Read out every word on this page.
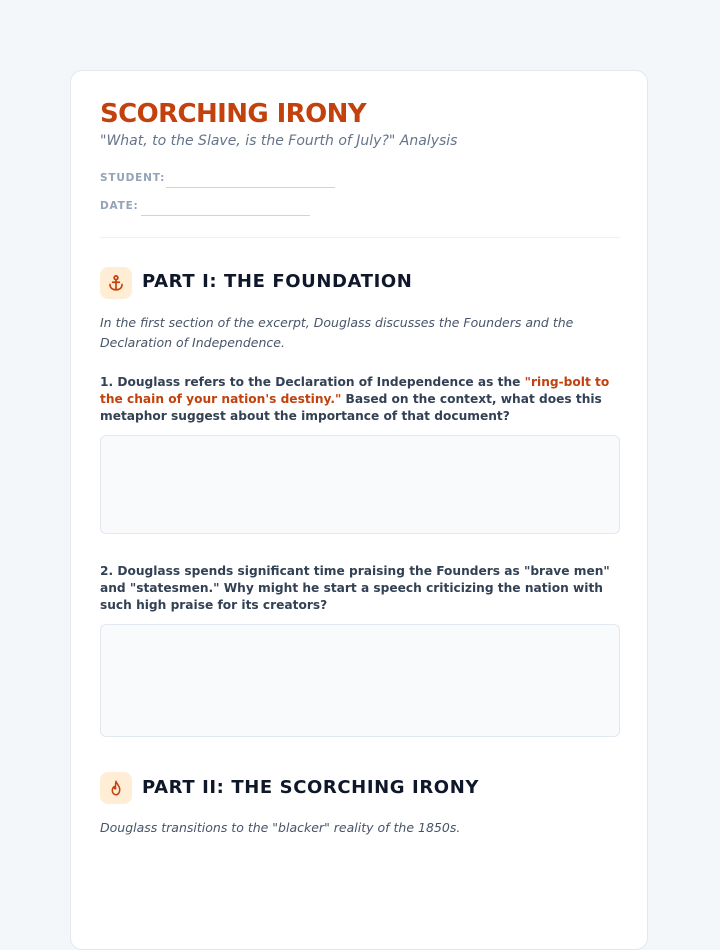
SCORCHING IRONY
"What, to the Slave, is the Fourth of July?" Analysis
STUDENT:
DATE:
PART I: THE FOUNDATION

In the first section of the excerpt, Douglass discusses the Founders and the Declaration of Independence.

1. Douglass refers to the Declaration of Independence as the "ring-bolt to the chain of your nation's destiny." Based on the context, what does this metaphor suggest about the importance of that document?

2. Douglass spends significant time praising the Founders as "brave men" and "statesmen." Why might he start a speech criticizing the nation with such high praise for its creators?

PART II: THE SCORCHING IRONY

Douglass transitions to the "blacker" reality of the 1850s.
